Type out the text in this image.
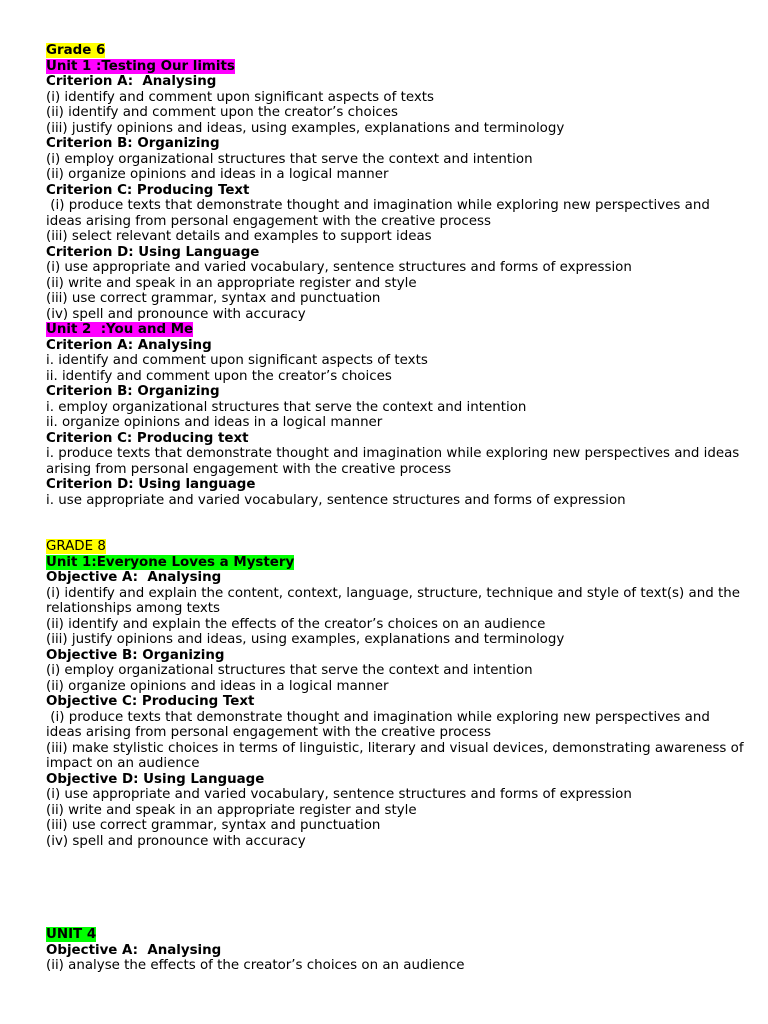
Grade 6
Unit 1 :Testing Our limits
Criterion A:  Analysing
(i) identify and comment upon significant aspects of texts
(ii) identify and comment upon the creator’s choices
(iii) justify opinions and ideas, using examples, explanations and terminology
Criterion B: Organizing
(i) employ organizational structures that serve the context and intention
(ii) organize opinions and ideas in a logical manner
Criterion C: Producing Text
(i) produce texts that demonstrate thought and imagination while exploring new perspectives and ideas arising from personal engagement with the creative process
(iii) select relevant details and examples to support ideas
Criterion D: Using Language
(i) use appropriate and varied vocabulary, sentence structures and forms of expression
(ii) write and speak in an appropriate register and style
(iii) use correct grammar, syntax and punctuation
(iv) spell and pronounce with accuracy
Unit 2  :You and Me
Criterion A: Analysing
i. identify and comment upon significant aspects of texts
ii. identify and comment upon the creator’s choices
Criterion B: Organizing
i. employ organizational structures that serve the context and intention
ii. organize opinions and ideas in a logical manner
Criterion C: Producing text
i. produce texts that demonstrate thought and imagination while exploring new perspectives and ideas arising from personal engagement with the creative process
Criterion D: Using language
i. use appropriate and varied vocabulary, sentence structures and forms of expression
GRADE 8
Unit 1:Everyone Loves a Mystery
Objective A:  Analysing
(i) identify and explain the content, context, language, structure, technique and style of text(s) and the relationships among texts
(ii) identify and explain the effects of the creator’s choices on an audience
(iii) justify opinions and ideas, using examples, explanations and terminology
Objective B: Organizing
(i) employ organizational structures that serve the context and intention
(ii) organize opinions and ideas in a logical manner
Objective C: Producing Text
(i) produce texts that demonstrate thought and imagination while exploring new perspectives and ideas arising from personal engagement with the creative process
(iii) make stylistic choices in terms of linguistic, literary and visual devices, demonstrating awareness of impact on an audience
Objective D: Using Language
(i) use appropriate and varied vocabulary, sentence structures and forms of expression
(ii) write and speak in an appropriate register and style
(iii) use correct grammar, syntax and punctuation
(iv) spell and pronounce with accuracy
UNIT 4
Objective A:  Analysing
(ii) analyse the effects of the creator’s choices on an audience
